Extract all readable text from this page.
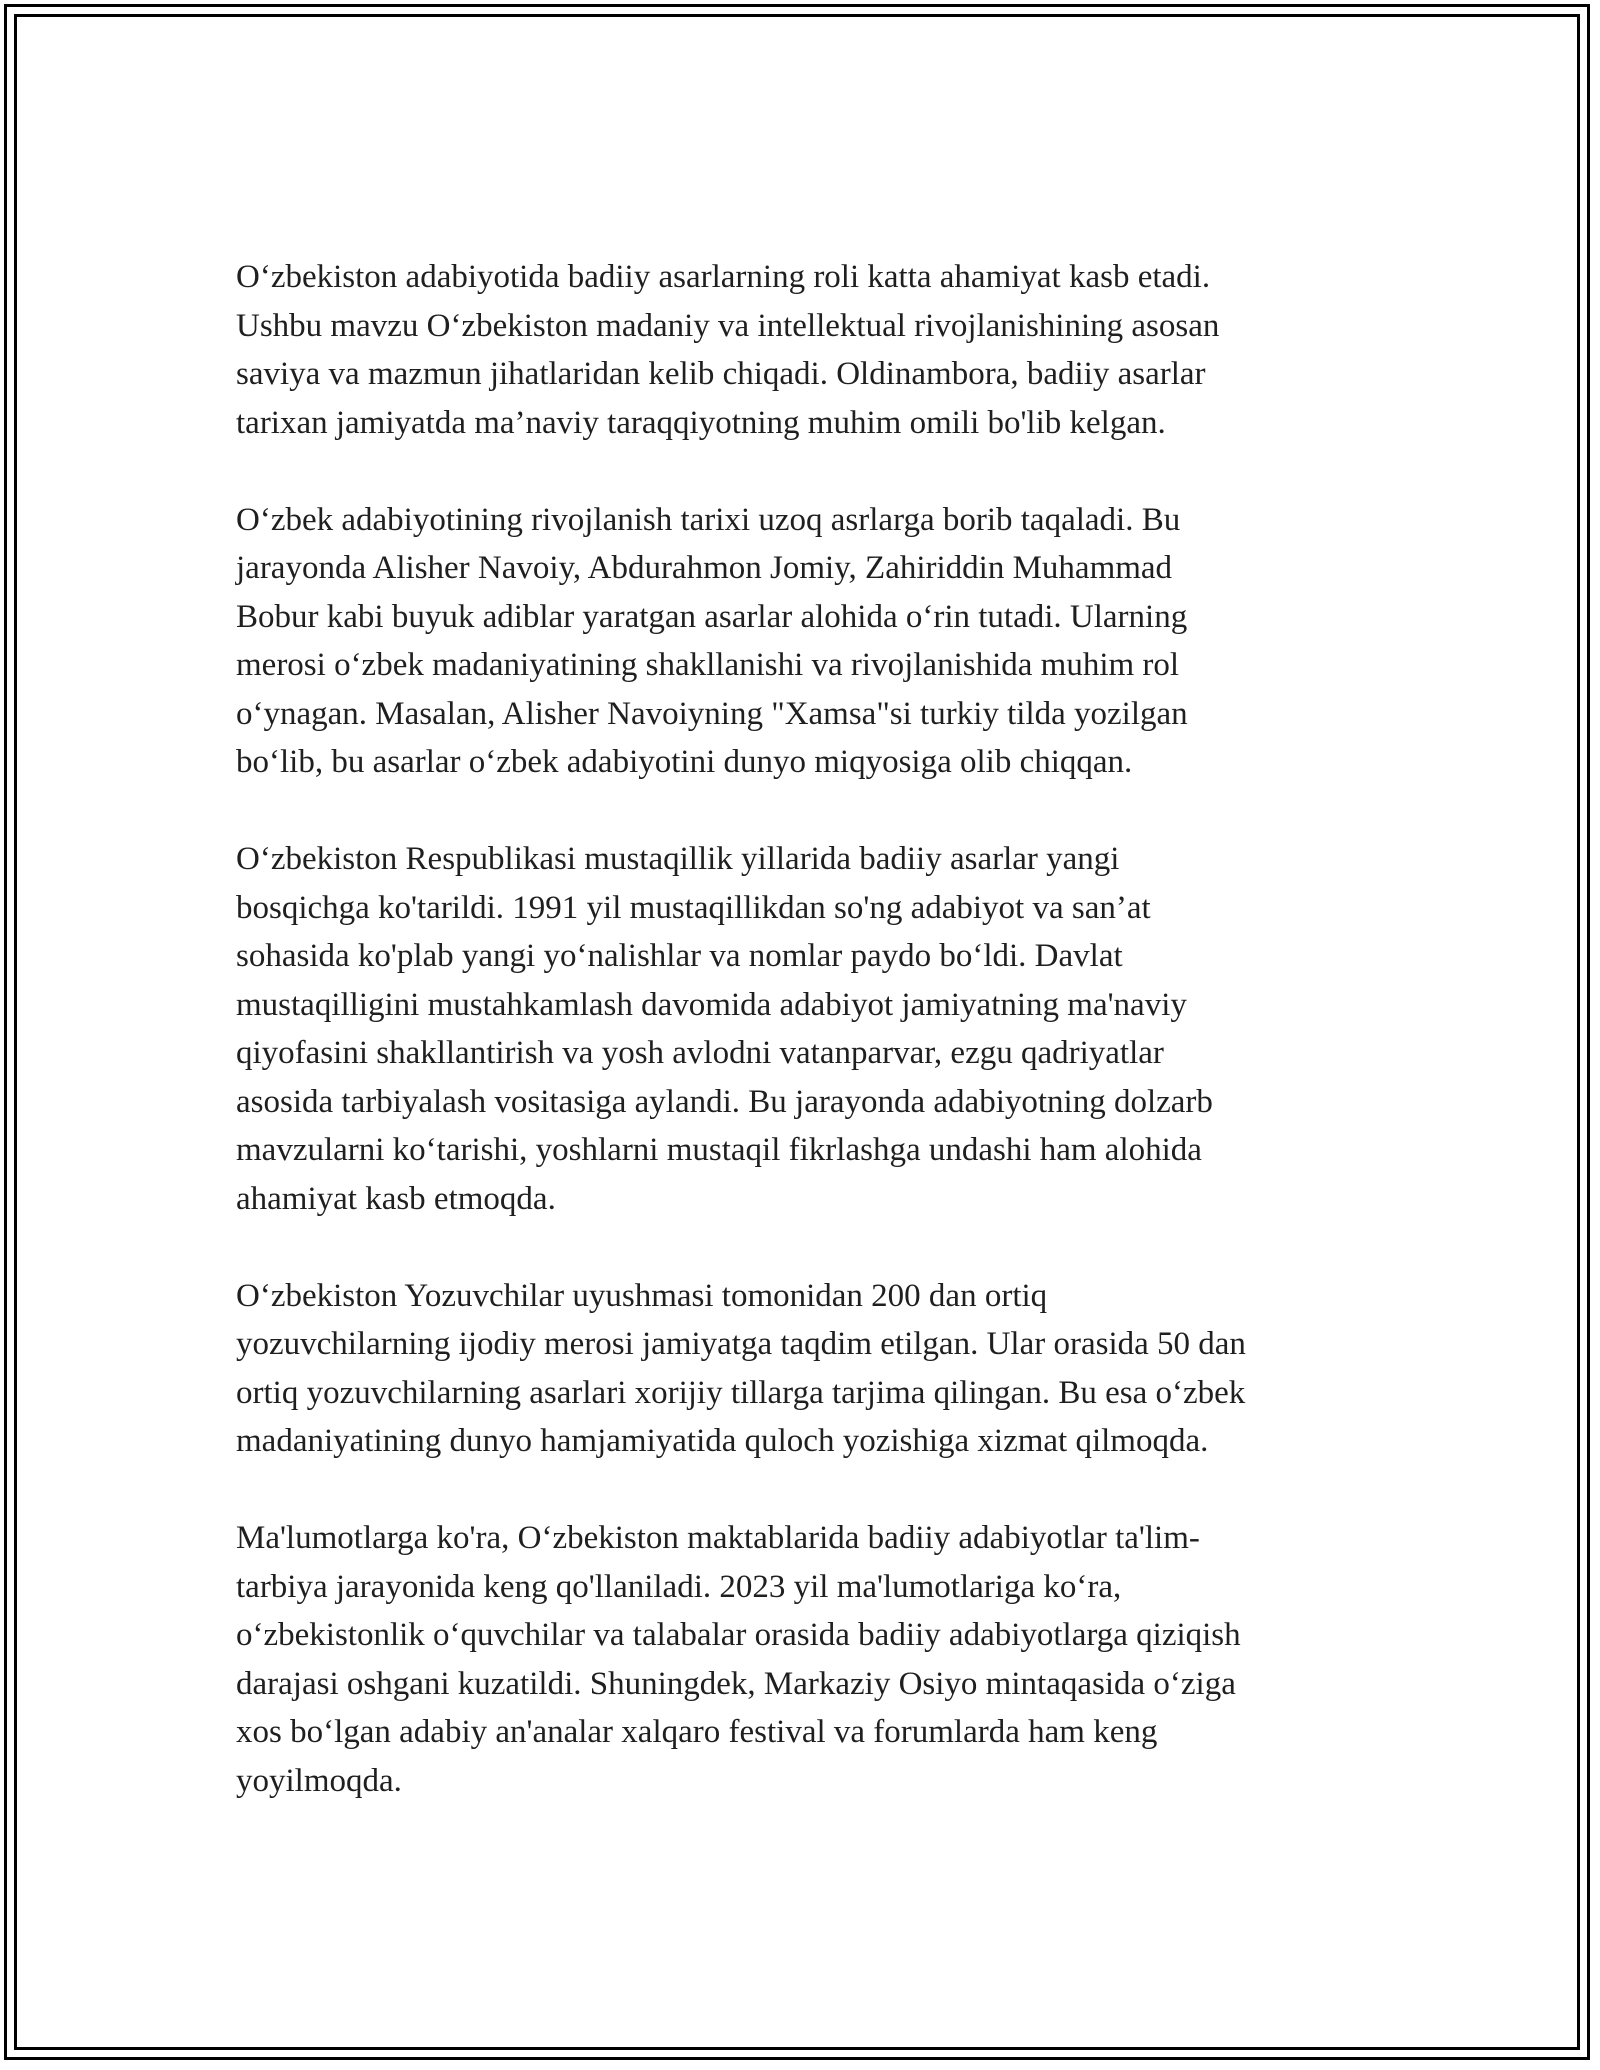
O‘zbekiston adabiyotida badiiy asarlarning roli katta ahamiyat kasb etadi.
Ushbu mavzu O‘zbekiston madaniy va intellektual rivojlanishining asosan
saviya va mazmun jihatlaridan kelib chiqadi. Oldinambora, badiiy asarlar
tarixan jamiyatda ma’naviy taraqqiyotning muhim omili bo'lib kelgan.

O‘zbek adabiyotining rivojlanish tarixi uzoq asrlarga borib taqaladi. Bu
jarayonda Alisher Navoiy, Abdurahmon Jomiy, Zahiriddin Muhammad
Bobur kabi buyuk adiblar yaratgan asarlar alohida o‘rin tutadi. Ularning
merosi o‘zbek madaniyatining shakllanishi va rivojlanishida muhim rol
o‘ynagan. Masalan, Alisher Navoiyning "Xamsa"si turkiy tilda yozilgan
bo‘lib, bu asarlar o‘zbek adabiyotini dunyo miqyosiga olib chiqqan.

O‘zbekiston Respublikasi mustaqillik yillarida badiiy asarlar yangi
bosqichga ko'tarildi. 1991 yil mustaqillikdan so'ng adabiyot va san’at
sohasida ko'plab yangi yo‘nalishlar va nomlar paydo bo‘ldi. Davlat
mustaqilligini mustahkamlash davomida adabiyot jamiyatning ma'naviy
qiyofasini shakllantirish va yosh avlodni vatanparvar, ezgu qadriyatlar
asosida tarbiyalash vositasiga aylandi. Bu jarayonda adabiyotning dolzarb
mavzularni ko‘tarishi, yoshlarni mustaqil fikrlashga undashi ham alohida
ahamiyat kasb etmoqda.

O‘zbekiston Yozuvchilar uyushmasi tomonidan 200 dan ortiq
yozuvchilarning ijodiy merosi jamiyatga taqdim etilgan. Ular orasida 50 dan
ortiq yozuvchilarning asarlari xorijiy tillarga tarjima qilingan. Bu esa o‘zbek
madaniyatining dunyo hamjamiyatida quloch yozishiga xizmat qilmoqda.

Ma'lumotlarga ko'ra, O‘zbekiston maktablarida badiiy adabiyotlar ta'lim-
tarbiya jarayonida keng qo'llaniladi. 2023 yil ma'lumotlariga ko‘ra,
o‘zbekistonlik o‘quvchilar va talabalar orasida badiiy adabiyotlarga qiziqish
darajasi oshgani kuzatildi. Shuningdek, Markaziy Osiyo mintaqasida o‘ziga
xos bo‘lgan adabiy an'analar xalqaro festival va forumlarda ham keng
yoyilmoqda.
